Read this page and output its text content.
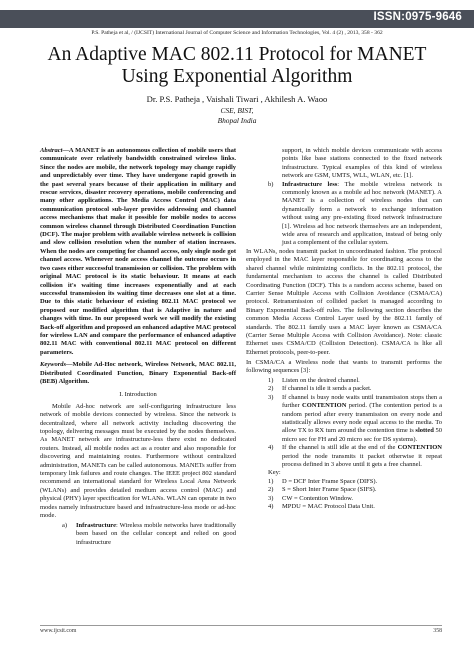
ISSN:0975-9646
P.S. Patheja et al, / (IJCSIT) International Journal of Computer Science and Information Technologies, Vol. 4 (2) , 2013, 358 - 362
An Adaptive MAC 802.11 Protocol for MANET
Using Exponential Algorithm
Dr. P.S. Patheja , Vaishali Tiwari , Akhilesh A. Waoo
CSE, BIST,
Bhopal India

Abstract—A MANET is an autonomous collection of mobile users that communicate over relatively bandwidth constrained wireless links. Since the nodes are mobile, the network topology may change rapidly and unpredictably over time. They have undergone rapid growth in the past several years because of their application in military and rescue services, disaster recovery operations, mobile conferencing and many other applications. The Media Access Control (MAC) data communication protocol sub-layer provides addressing and channel access mechanisms that make it possible for mobile nodes to access common wireless channel through Distributed Coordination Function (DCF). The major problem with available wireless network is collision and slow collision resolution when the number of station increases. When the nodes are competing for channel access, only single node got channel access. Whenever node access channel the outcome occurs in two cases either successful transmission or collision. The problem with original MAC protocol is its static behaviour. It means at each collision it's waiting time increases exponentially and at each successful transmission its waiting time decreases one slot at a time. Due to this static behaviour of existing 802.11 MAC protocol we proposed our modified algorithm that is Adaptive in nature and changes with time. In our proposed work we will modify the existing Back-off algorithm and proposed an enhanced adaptive MAC protocol for wireless LAN and compare the performance of enhanced adaptive 802.11 MAC with conventional 802.11 MAC protocol on different parameters.

Keywords—Mobile Ad-Hoc network, Wireless Network, MAC 802.11, Distributed Coordinated Function, Binary Exponential Back-off (BEB) Algorithm.

I. Introduction

Mobile Ad-hoc network are self-configuring infrastructure less network of mobile devices connected by wireless. Since the network is decentralized, where all network activity including discovering the topology, delivering messages must be executed by the nodes themselves. As MANET network are infrastructure-less there exist no dedicated routers. Instead, all mobile nodes act as a router and also responsible for discovering and maintaining routes. Furthermore without centralized administration, MANETs can be called autonomous. MANETs suffer from temporary link failures and route changes. The IEEE project 802 standard recommend an international standard for Wireless Local Area Network (WLANs) and provides detailed medium access control (MAC) and physical (PHY) layer specification for WLANs. WLAN can operate in two modes namely infrastructure based and infrastructure-less mode or ad-hoc mode.

a)	Infrastructure: Wireless mobile networks have traditionally been based on the cellular concept and relied on good infrastructure
support, in which mobile devices communicate with access points like base stations connected to the fixed network infrastructure. Typical examples of this kind of wireless network are GSM, UMTS, WLL, WLAN, etc. [1].
b)	Infrastructure less: The mobile wireless network is commonly known as a mobile ad hoc network (MANET). A MANET is a collection of wireless nodes that can dynamically form a network to exchange information without using any pre-existing fixed network infrastructure [1]. Wireless ad hoc network themselves are an independent, wide area of research and application, instead of being only just a complement of the cellular system.

In WLANs, nodes transmit packet in uncoordinated fashion. The protocol employed in the MAC layer responsible for coordinating access to the shared channel while minimizing conflicts. In the 802.11 protocol, the fundamental mechanism to access the channel is called Distributed Coordinating Function (DCF). This is a random access scheme, based on Carrier Sense Multiple Access with Collision Avoidance (CSMA/CA) protocol. Retransmission of collided packet is managed according to Binary Exponential Back-off rules. The following section describes the common Media Access Control Layer used by the 802.11 family of standards. The 802.11 family uses a MAC layer known as CSMA/CA (Carrier Sense Multiple Access with Collision Avoidance). Note: classic Ethernet uses CSMA/CD (Collision Detection). CSMA/CA is like all Ethernet protocols, peer-to-peer.

In CSMA/CA a Wireless node that wants to transmit performs the following sequences [3]:

1)	Listen on the desired channel.
2)	If channel is idle it sends a packet.
3)	If channel is busy node waits until transmission stops then a further CONTENTION period. (The contention period is a random period after every transmission on every node and statistically allows every node equal access to the media. To allow TX to RX turn around the contention time is slotted 50 micro sec for FH and 20 micro sec for DS systems).
4)	If the channel is still idle at the end of the CONTENTION period the node transmits it packet otherwise it repeat process defined in 3 above until it gets a free channel.
Key:
1)	D = DCF Inter Frame Space (DIFS).
2)	S = Short Inter Frame Space (SIFS).
3)	CW = Contention Window.
4)	MPDU = MAC Protocol Data Unit.
www.ijcsit.com	358
